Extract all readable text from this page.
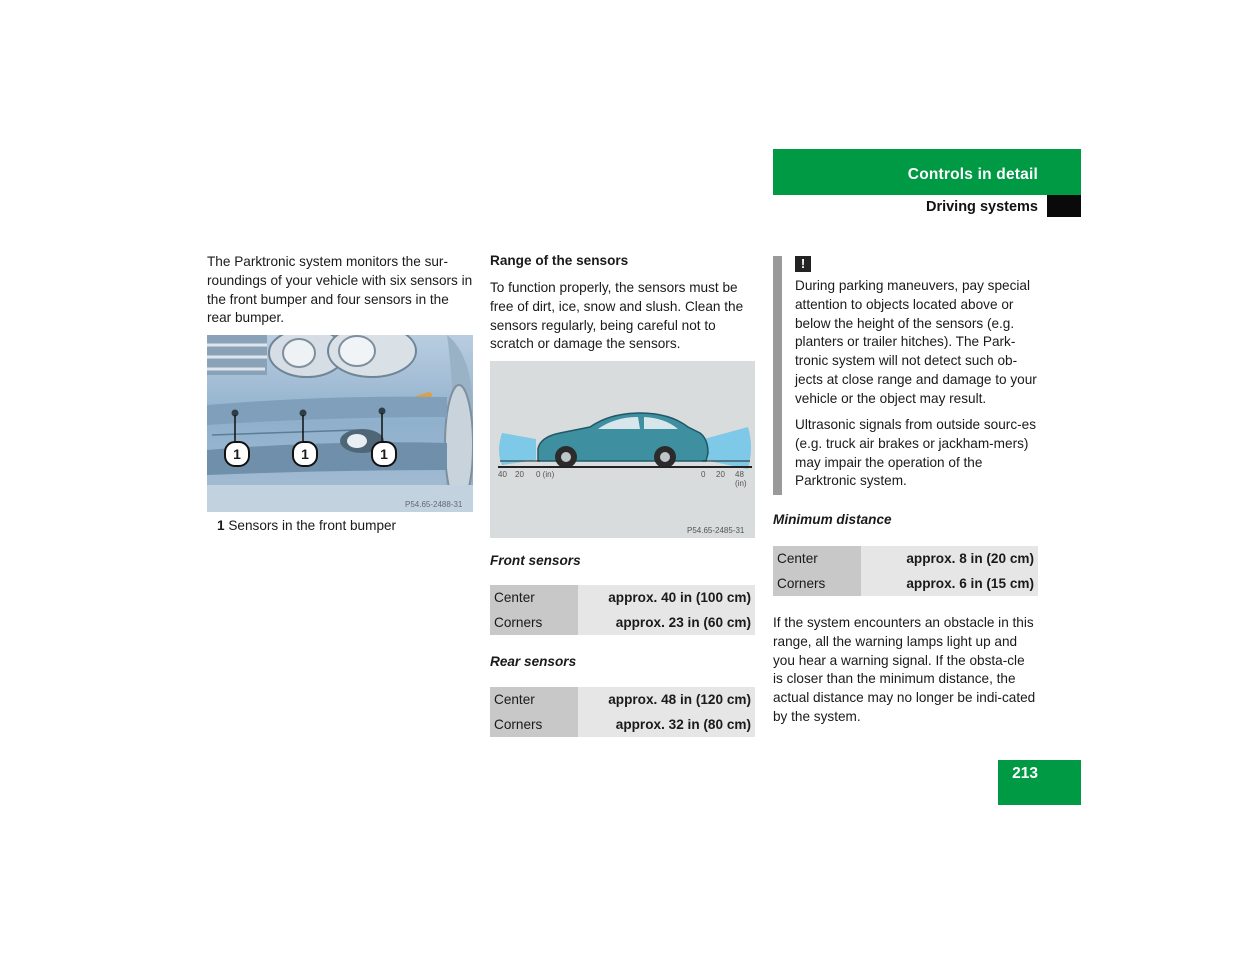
Controls in detail
Driving systems
The Parktronic system monitors the sur-roundings of your vehicle with six sensors in the front bumper and four sensors in the rear bumper.
1	1	1
P54.65-2488-31
1 Sensors in the front bumper
Range of the sensors
To function properly, the sensors must be free of dirt, ice, snow and slush. Clean the sensors regularly, being careful not to scratch or damage the sensors.
40 20 0 (in)	0 20 48 (in)
P54.65-2485-31
Front sensors
Center	approx. 40 in (100 cm)
Corners	approx. 23 in (60 cm)
Rear sensors
Center	approx. 48 in (120 cm)
Corners	approx. 32 in (80 cm)
!
During parking maneuvers, pay special attention to objects located above or below the height of the sensors (e.g. planters or trailer hitches). The Park-tronic system will not detect such ob-jects at close range and damage to your vehicle or the object may result.
Ultrasonic signals from outside sourc-es (e.g. truck air brakes or jackham-mers) may impair the operation of the Parktronic system.
Minimum distance
Center	approx. 8 in (20 cm)
Corners	approx. 6 in (15 cm)
If the system encounters an obstacle in this range, all the warning lamps light up and you hear a warning signal. If the obsta-cle is closer than the minimum distance, the actual distance may no longer be indi-cated by the system.
213
